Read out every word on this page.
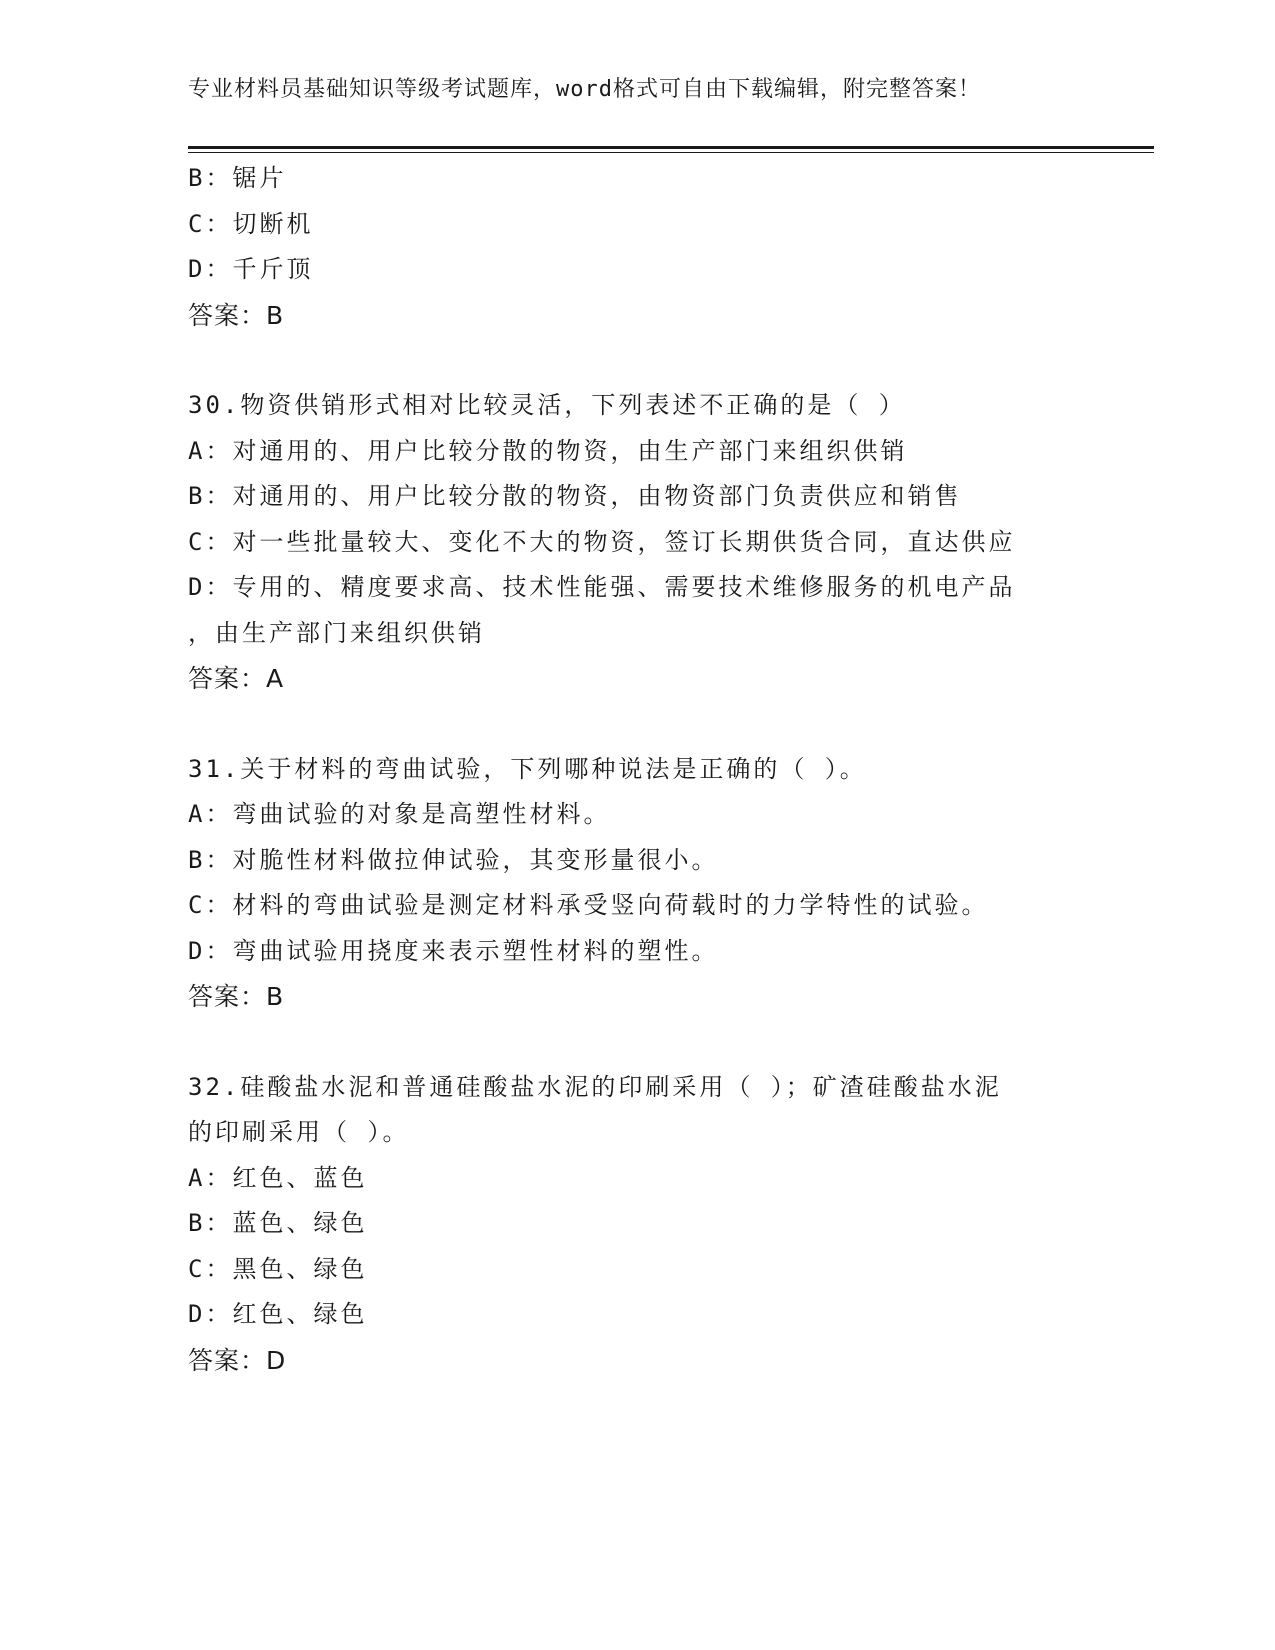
专业材料员基础知识等级考试题库，word格式可自由下载编辑，附完整答案！
B：锯片
C：切断机
D：千斤顶
答案：B
30.物资供销形式相对比较灵活，下列表述不正确的是（ ）
A：对通用的、用户比较分散的物资，由生产部门来组织供销
B：对通用的、用户比较分散的物资，由物资部门负责供应和销售
C：对一些批量较大、变化不大的物资，签订长期供货合同，直达供应
D：专用的、精度要求高、技术性能强、需要技术维修服务的机电产品
，由生产部门来组织供销
答案：A
31.关于材料的弯曲试验，下列哪种说法是正确的（ ）。
A：弯曲试验的对象是高塑性材料。
B：对脆性材料做拉伸试验，其变形量很小。
C：材料的弯曲试验是测定材料承受竖向荷载时的力学特性的试验。
D：弯曲试验用挠度来表示塑性材料的塑性。
答案：B
32.硅酸盐水泥和普通硅酸盐水泥的印刷采用（ ）；矿渣硅酸盐水泥
的印刷采用（ ）。
A：红色、蓝色
B：蓝色、绿色
C：黑色、绿色
D：红色、绿色
答案：D
